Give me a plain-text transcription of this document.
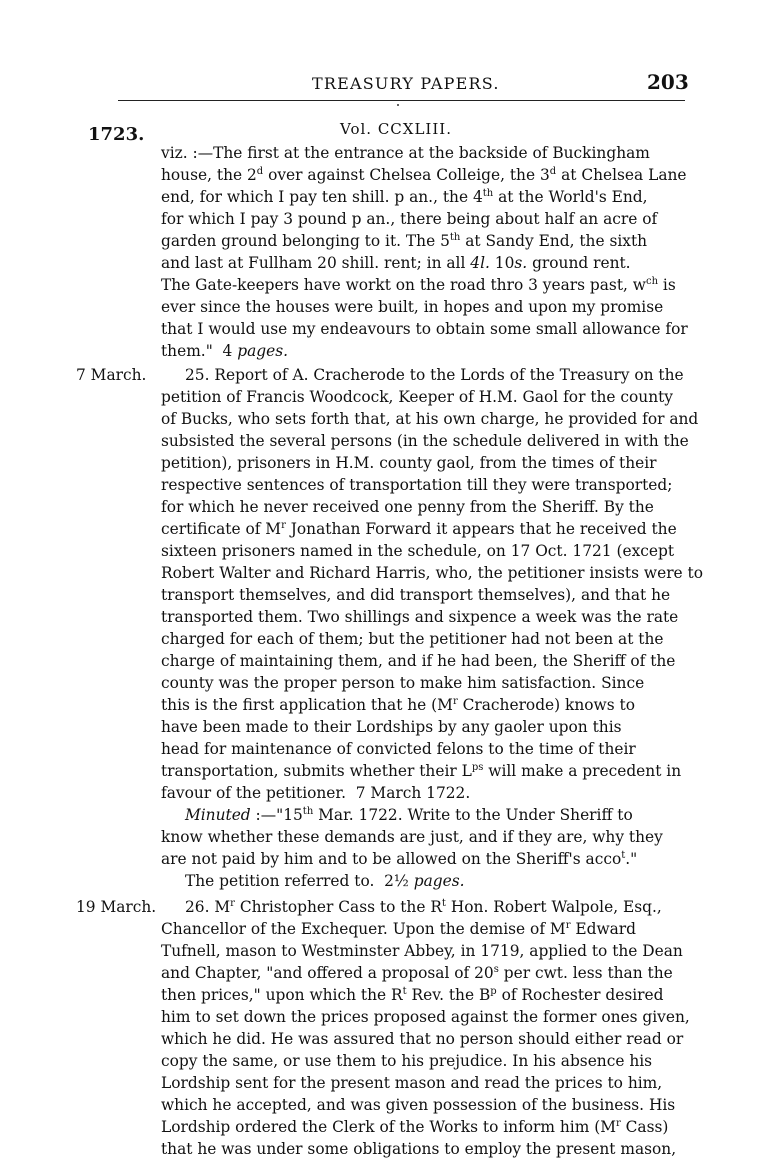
TREASURY PAPERS.	203
1723.	Vol. CCXLIII.
viz. :—The first at the entrance at the backside of Buckingham
house, the 2$^d$ over against Chelsea Colleige, the 3$^d$ at Chelsea Lane
end, for which I pay ten shill. p an., the 4th at the World's End,
for which I pay 3 pound p an., there being about half an acre of
garden ground belonging to it. The 5th at Sandy End, the sixth
and last at Fullham 20 shill. rent; in all 4l. 10s. ground rent.
The Gate-keepers have workt on the road thro 3 years past, $w^{ch}$ is
ever since the houses were built, in hopes and upon my promise
that I would use my endeavours to obtain some small allowance for
them."  4 pages.
7 March.	25. Report of A. Cracherode to the Lords of the Treasury on the
petition of Francis Woodcock, Keeper of H.M. Gaol for the county
of Bucks, who sets forth that, at his own charge, he provided for and
subsisted the several persons (in the schedule delivered in with the
petition), prisoners in H.M. county gaol, from the times of their
respective sentences of transportation till they were transported;
for which he never received one penny from the Sheriff. By the
certificate of $M^r$ Jonathan Forward it appears that he received the
sixteen prisoners named in the schedule, on 17 Oct. 1721 (except
Robert Walter and Richard Harris, who, the petitioner insists were to
transport themselves, and did transport themselves), and that he
transported them. Two shillings and sixpence a week was the rate
charged for each of them; but the petitioner had not been at the
charge of maintaining them, and if he had been, the Sheriff of the
county was the proper person to make him satisfaction. Since
this is the first application that he ($M^r$ Cracherode) knows to
have been made to their Lordships by any gaoler upon this
head for maintenance of convicted felons to the time of their
transportation, submits whether their $L^{ps}$ will make a precedent in
favour of the petitioner.  7 March 1722.
Minuted :—"15th Mar. 1722. Write to the Under Sheriff to
know whether these demands are just, and if they are, why they
are not paid by him and to be allowed on the Sheriff's acco$^t$."
The petition referred to.  2½ pages.
19 March. 26. $M^r$ Christopher Cass to the $R^t$ Hon. Robert Walpole, Esq.,
Chancellor of the Exchequer. Upon the demise of $M^r$ Edward
Tufnell, mason to Westminster Abbey, in 1719, applied to the Dean
and Chapter, "and offered a proposal of 20$^s$ per cwt. less than the
then prices," upon which the $R^t$ Rev. the $B^p$ of Rochester desired
him to set down the prices proposed against the former ones given,
which he did. He was assured that no person should either read or
copy the same, or use them to his prejudice. In his absence his
Lordship sent for the present mason and read the prices to him,
which he accepted, and was given possession of the business. His
Lordship ordered the Clerk of the Works to inform him ($M^r$ Cass)
that he was under some obligations to employ the present mason,
